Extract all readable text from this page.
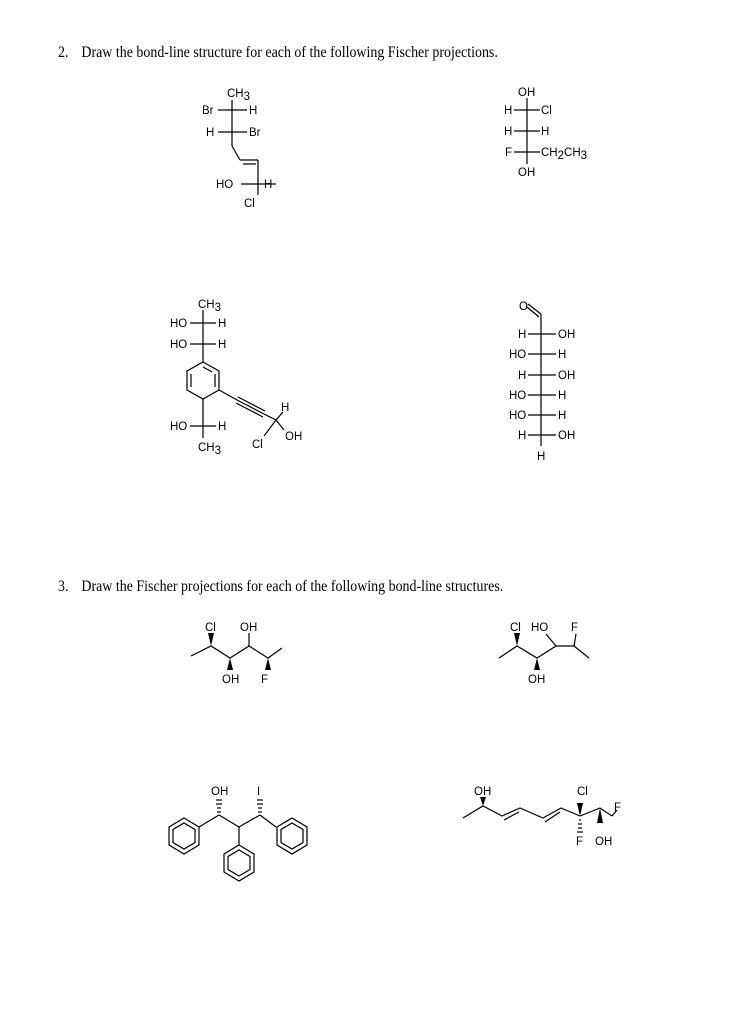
2. Draw the bond-line structure for each of the following Fischer projections.
3. Draw the Fischer projections for each of the following bond-line structures.
CH3
Br	H
H	Br
HO	H
Cl
OH
H Cl
H H
F	CH2CH3
OH
CH3
HO	H
HO	H
HO	H
CH3
H
OH
Cl
O
H	OH
HO	H
H	OH
HO	H
HO	H
H	OH
H
Cl OH
OH F
Cl HO F
OH
OH	I	OH	Cl
F
F OH
